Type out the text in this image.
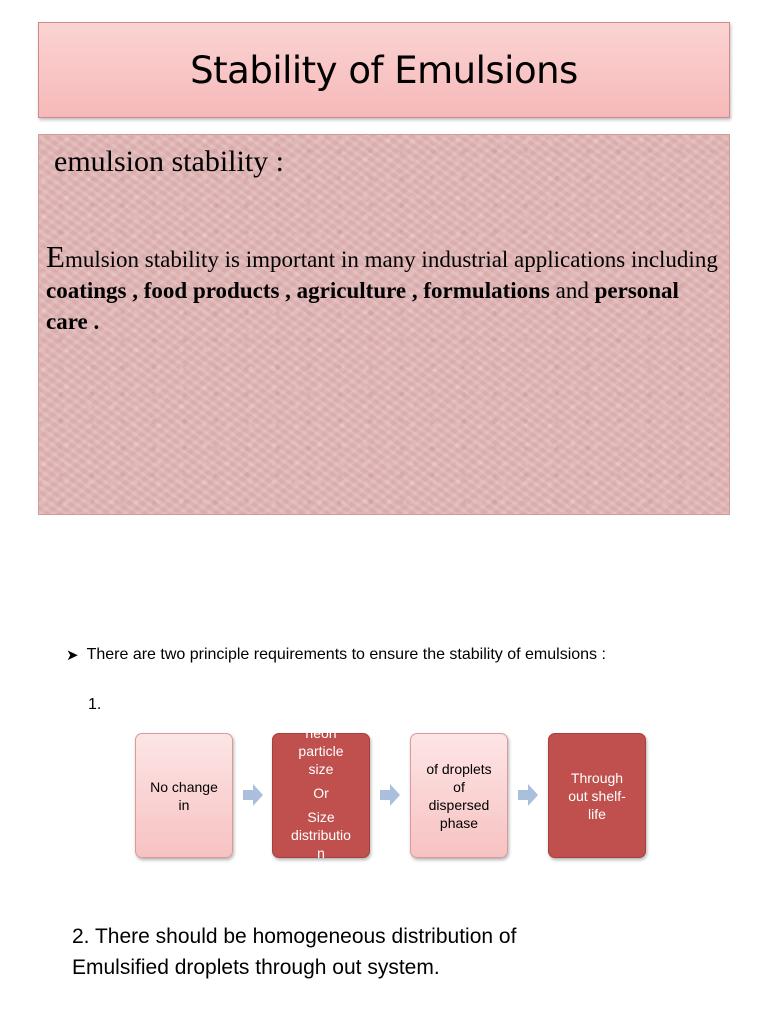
Stability of Emulsions
emulsion stability :
Emulsion stability is important in many industrial applications including coatings , food products , agriculture , formulations and personal care .
➤ There are two principle requirements to ensure the stability of emulsions :
1.
No change
in
neon
particle
size
Or
Size
distributio
n
of droplets
of
dispersed
phase
Through
out shelf-
life
2. There should be homogeneous distribution of
Emulsified droplets through out system.
